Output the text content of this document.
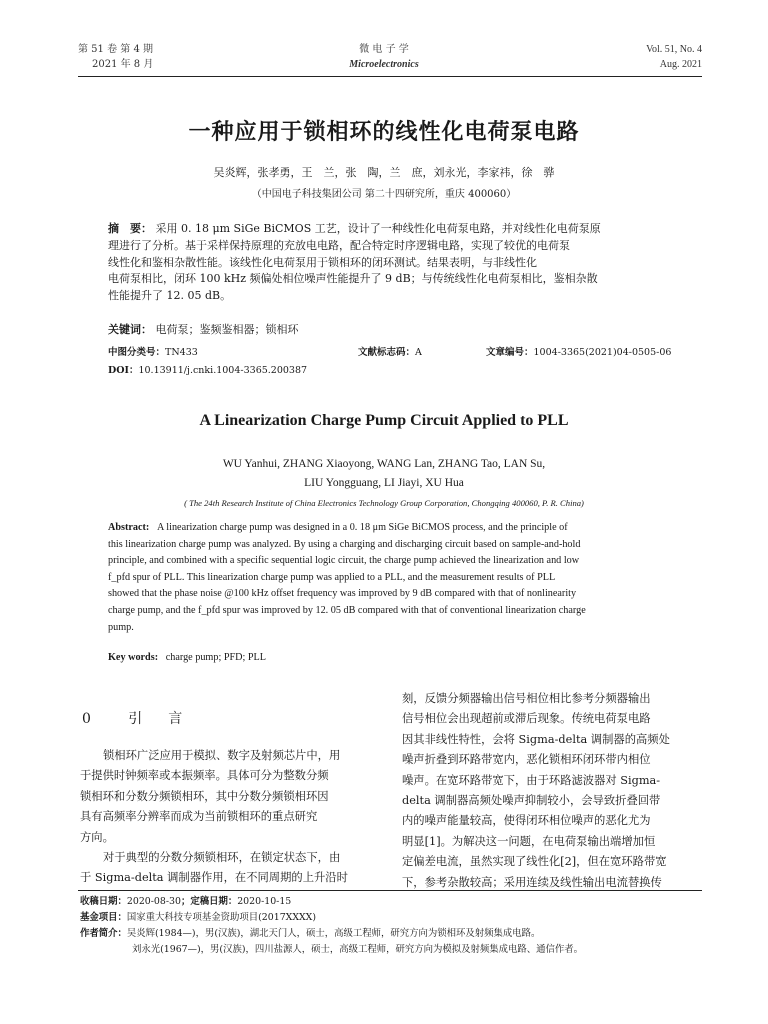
第 51 卷 第 4 期
2021 年 8 月
微 电 子 学
Microelectronics
Vol. 51, No. 4
Aug. 2021
一种应用于锁相环的线性化电荷泵电路
吴炎辉，张孝勇，王　兰，张　陶，兰　庶，刘永光，李家祎，徐　骅
（中国电子科技集团公司 第二十四研究所，重庆 400060）
摘　要： 采用 0. 18 μm SiGe BiCMOS 工艺，设计了一种线性化电荷泵电路，并对线性化电荷泵原
理进行了分析。基于采样保持原理的充放电电路，配合特定时序逻辑电路，实现了较优的电荷泵
线性化和鉴相杂散性能。该线性化电荷泵用于锁相环的闭环测试。结果表明，与非线性化
电荷泵相比，闭环 100 kHz 频偏处相位噪声性能提升了 9 dB；与传统线性化电荷泵相比，鉴相杂散
性能提升了 12. 05 dB。
关键词： 电荷泵；鉴频鉴相器；锁相环
中图分类号：TN433	文献标志码：A	文章编号：1004-3365(2021)04-0505-06
DOI：10.13911/j.cnki.1004-3365.200387
A Linearization Charge Pump Circuit Applied to PLL
WU Yanhui, ZHANG Xiaoyong, WANG Lan, ZHANG Tao, LAN Su,
LIU Yongguang, LI Jiayi, XU Hua
( The 24th Research Institute of China Electronics Technology Group Corporation, Chongqing 400060, P. R. China)
Abstract: A linearization charge pump was designed in a 0. 18 μm SiGe BiCMOS process, and the principle of
this linearization charge pump was analyzed. By using a charging and discharging circuit based on sample-and-hold
principle, and combined with a specific sequential logic circuit, the charge pump achieved the linearization and low
f_pfd spur of PLL. This linearization charge pump was applied to a PLL, and the measurement results of PLL
showed that the phase noise @100 kHz offset frequency was improved by 9 dB compared with that of nonlinearity
charge pump, and the f_pfd spur was improved by 12. 05 dB compared with that of conventional linearization charge
pump.
Key words: charge pump; PFD; PLL
0 引　言
锁相环广泛应用于模拟、数字及射频芯片中，用
于提供时钟频率或本振频率。具体可分为整数分频
锁相环和分数分频锁相环，其中分数分频锁相环因
具有高频率分辨率而成为当前锁相环的重点研究
方向。
对于典型的分数分频锁相环，在锁定状态下，由
于 Sigma-delta 调制器作用，在不同周期的上升沿时
刻，反馈分频器输出信号相位相比参考分频器输出
信号相位会出现超前或滞后现象。传统电荷泵电路
因其非线性特性，会将 Sigma-delta 调制器的高频处
噪声折叠到环路带宽内，恶化锁相环闭环带内相位
噪声。在宽环路带宽下，由于环路滤波器对 Sigma-
delta 调制器高频处噪声抑制较小，会导致折叠回带
内的噪声能量较高，使得闭环相位噪声的恶化尤为
明显[1]。为解决这一问题，在电荷泵输出端增加恒
定偏差电流，虽然实现了线性化[2]，但在宽环路带宽
下，参考杂散较高；采用连续及线性输出电流替换传
收稿日期：2020-08-30；定稿日期：2020-10-15
基金项目：国家重大科技专项基金资助项目(2017XXXX)
作者简介：吴炎辉(1984—)，男(汉族)，湖北天门人，硕士，高级工程师，研究方向为锁相环及射频集成电路。
刘永光(1967—)，男(汉族)，四川盐源人，硕士，高级工程师，研究方向为模拟及射频集成电路、通信作者。
